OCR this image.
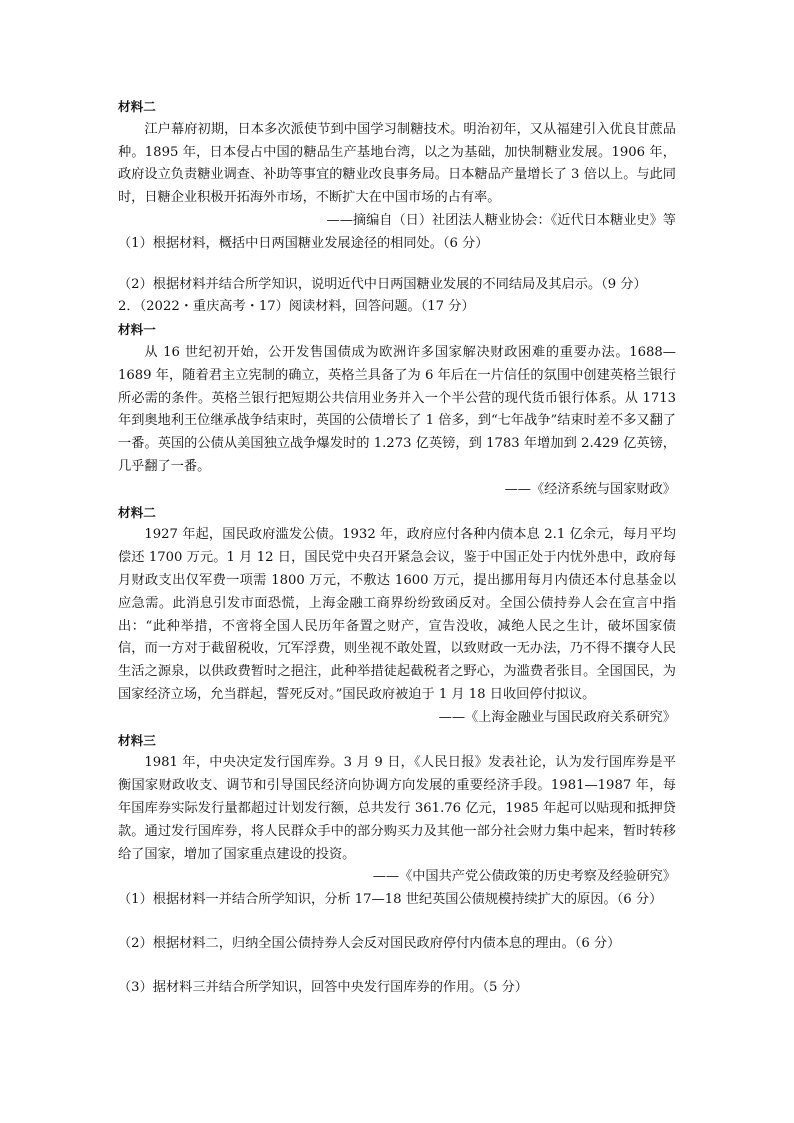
材料二
江户幕府初期，日本多次派使节到中国学习制糖技术。明治初年，又从福建引入优良甘蔗品种。1895 年，日本侵占中国的糖品生产基地台湾，以之为基础，加快制糖业发展。1906 年，政府设立负责糖业调查、补助等事宜的糖业改良事务局。日本糖品产量增长了 3 倍以上。与此同时，日糖企业积极开拓海外市场，不断扩大在中国市场的占有率。
——摘编自（日）社团法人糖业协会：《近代日本糖业史》等
（1）根据材料，概括中日两国糖业发展途径的相同处。（6 分）
（2）根据材料并结合所学知识，说明近代中日两国糖业发展的不同结局及其启示。（9 分）
2．（2022・重庆高考・17）阅读材料，回答问题。（17 分）
材料一
从 16 世纪初开始，公开发售国债成为欧洲许多国家解决财政困难的重要办法。1688—1689 年，随着君主立宪制的确立，英格兰具备了为 6 年后在一片信任的氛围中创建英格兰银行所必需的条件。英格兰银行把短期公共信用业务并入一个半公营的现代货币银行体系。从 1713 年到奥地利王位继承战争结束时，英国的公债增长了 1 倍多，到“七年战争”结束时差不多又翻了一番。英国的公债从美国独立战争爆发时的 1.273 亿英镑，到 1783 年增加到 2.429 亿英镑，几乎翻了一番。
——《经济系统与国家财政》
材料二
1927 年起，国民政府滥发公债。1932 年，政府应付各种内债本息 2.1 亿余元，每月平均偿还 1700 万元。1 月 12 日，国民党中央召开紧急会议，鉴于中国正处于内忧外患中，政府每月财政支出仅军费一项需 1800 万元，不敷达 1600 万元，提出挪用每月内债还本付息基金以应急需。此消息引发市面恐慌，上海金融工商界纷纷致函反对。全国公债持券人会在宣言中指出：“此种举措，不啻将全国人民历年备置之财产，宣告没收，减绝人民之生计，破坏国家债信，而一方对于截留税收，冗军浮费，则坐视不敢处置，以致财政一无办法，乃不得不攘夺人民生活之源泉，以供政费暂时之挹注，此种举措徒起截税者之野心，为滥费者张目。全国国民，为国家经济立场，允当群起，誓死反对。”国民政府被迫于 1 月 18 日收回停付拟议。
——《上海金融业与国民政府关系研究》
材料三
1981 年，中央决定发行国库券。3 月 9 日，《人民日报》发表社论，认为发行国库券是平衡国家财政收支、调节和引导国民经济向协调方向发展的重要经济手段。1981—1987 年，每年国库券实际发行量都超过计划发行额，总共发行 361.76 亿元，1985 年起可以贴现和抵押贷款。通过发行国库券，将人民群众手中的部分购买力及其他一部分社会财力集中起来，暂时转移给了国家，增加了国家重点建设的投资。
——《中国共产党公债政策的历史考察及经验研究》
（1）根据材料一并结合所学知识，分析 17—18 世纪英国公债规模持续扩大的原因。（6 分）
（2）根据材料二，归纳全国公债持券人会反对国民政府停付内债本息的理由。（6 分）
（3）据材料三并结合所学知识，回答中央发行国库券的作用。（5 分）
